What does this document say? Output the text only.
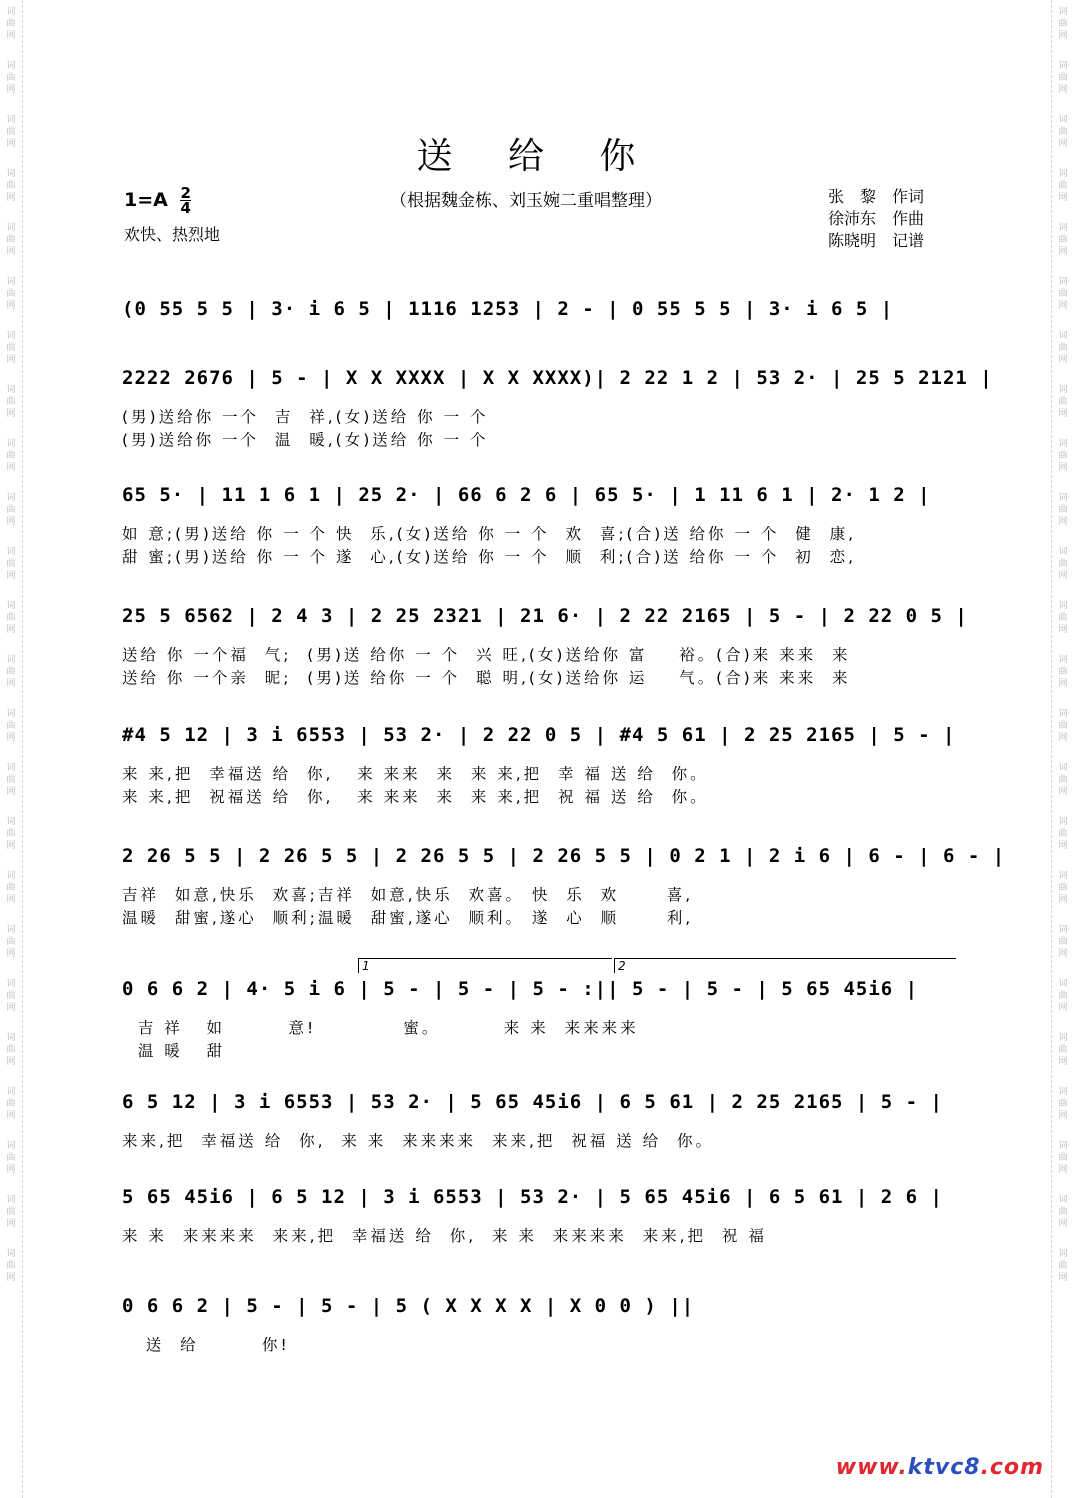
词
曲
网
词
曲
网
词
曲
网
词
曲
网
词
曲
网
词
曲
网
词
曲
网
词
曲
网
词
曲
网
词
曲
网
词
曲
网
词
曲
网
词
曲
网
词
曲
网
词
曲
网
词
曲
网
词
曲
网
词
曲
网
词
曲
网
词
曲
网
词
曲
网
词
曲
网
词
曲
网
词
曲
网
词
曲
网
词
曲
网
词
曲
网
词
曲
网
词
曲
网
词
曲
网
词
曲
网
词
曲
网
词
曲
网
词
曲
网
词
曲
网
词
曲
网
词
曲
网
词
曲
网
词
曲
网
词
曲
网
词
曲
网
词
曲
网
词
曲
网
词
曲
网
词
曲
网
词
曲
网
词
曲
网
词
曲
网
送 给 你
$1=A \frac{2}{4}$
欢快、热烈地
（根据魏金栋、刘玉婉二重唱整理）	张　黎　作词
徐沛东　作曲
陈晓明　记谱
(0 55 5 5 | 3· i 6 5 | 1116 1253 | 2 - | 0 55 5 5 | 3· i 6 5 |
2222 2676 | 5 - | X X XXXX | X X XXXX)| 2 22 1 2 | 53 2· | 25 5 2121 |
(男)送给你 一个  吉  祥,(女)送给 你 一 个
(男)送给你 一个  温  暖,(女)送给 你 一 个
65 5· | 11 1 6 1 | 25 2· | 66 6 2 6 | 65 5· | 1 11 6 1 | 2· 1 2 |
如 意;(男)送给 你 一 个 快  乐,(女)送给 你 一 个  欢  喜;(合)送 给你 一 个  健  康,
甜 蜜;(男)送给 你 一 个 遂  心,(女)送给 你 一 个  顺  利;(合)送 给你 一 个  初  恋,
25 5 6562 | 2 4 3 | 2 25 2321 | 21 6· | 2 22 2165 | 5 - | 2 22 0 5 |
送给 你 一个福  气;  (男)送 给你 一 个  兴 旺,(女)送给你 富    裕。(合)来 来来  来
送给 你 一个亲  昵;  (男)送 给你 一 个  聪 明,(女)送给你 运    气。(合)来 来来  来
#4 5 12 | 3 i 6553 | 53 2· | 2 22 0 5 | #4 5 61 | 2 25 2165 | 5 - |
来 来,把  幸福送 给  你,   来 来来  来  来 来,把  幸 福 送 给  你。
来 来,把  祝福送 给  你,   来 来来  来  来 来,把  祝 福 送 给  你。
2 26 5 5 | 2 26 5 5 | 2 26 5 5 | 2 26 5 5 | 0 2 1 | 2 i 6 | 6 - | 6 - |
吉祥  如意,快乐  欢喜;吉祥  如意,快乐  欢喜。 快  乐  欢      喜,
温暖  甜蜜,遂心  顺利;温暖  甜蜜,遂心  顺利。 遂  心  顺      利,
0 6 6 2 | 4· 5 i 6 | 5 - | 5 - | 5 - :|| 5 - | 5 - | 5 65 45i6 |
吉 祥   如        意!           蜜。        来 来  来来来来
温 暖   甜
6 5 12 | 3 i 6553 | 53 2· | 5 65 45i6 | 6 5 61 | 2 25 2165 | 5 - |
来来,把  幸福送 给  你,  来 来  来来来来  来来,把  祝福 送 给  你。
5 65 45i6 | 6 5 12 | 3 i 6553 | 53 2· | 5 65 45i6 | 6 5 61 | 2 6 |
来 来  来来来来  来来,把  幸福送 给  你,  来 来  来来来来  来来,把  祝 福
0 6 6 2 | 5 - | 5 - | 5 ( X X X X | X 0 0 ) ||
送  给        你!
1	2
www.ktvc8.com
